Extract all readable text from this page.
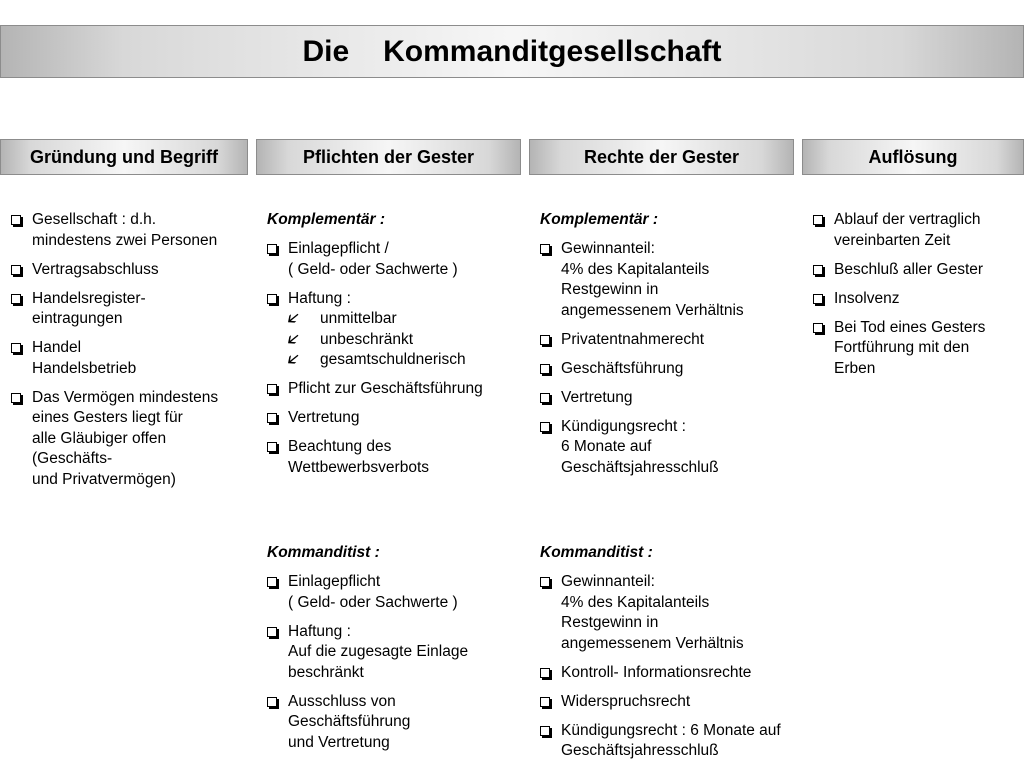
Die Kommanditgesellschaft
Gründung und Begriff	Pflichten der Gester	Rechte der Gester	Auflösung
Gesellschaft : d.h.
mindestens zwei Personen
Vertragsabschluss
Handelsregister-
eintragungen
Handel
Handelsbetrieb
Das Vermögen mindestens
eines Gesters liegt für
alle Gläubiger offen
(Geschäfts-
und Privatvermögen)
Komplementär :
Einlagepflicht /
( Geld- oder Sachwerte )
Haftung :
🡧 unmittelbar
🡧 unbeschränkt
🡧 gesamtschuldnerisch
Pflicht zur Geschäftsführung
Vertretung
Beachtung des
Wettbewerbsverbots
Kommanditist :
Einlagepflicht
( Geld- oder Sachwerte )
Haftung :
Auf die zugesagte Einlage
beschränkt
Ausschluss von
Geschäftsführung
und Vertretung
Komplementär :
Gewinnanteil:
4% des Kapitalanteils
Restgewinn in
angemessenem Verhältnis
Privatentnahmerecht
Geschäftsführung
Vertretung
Kündigungsrecht :
6 Monate auf
Geschäftsjahresschluß
Kommanditist :
Gewinnanteil:
4% des Kapitalanteils
Restgewinn in
angemessenem Verhältnis
Kontroll- Informationsrechte
Widerspruchsrecht
Kündigungsrecht : 6 Monate auf
Geschäftsjahresschluß
Ablauf der vertraglich
vereinbarten Zeit
Beschluß aller Gester
Insolvenz
Bei Tod eines Gesters
Fortführung mit den
Erben
